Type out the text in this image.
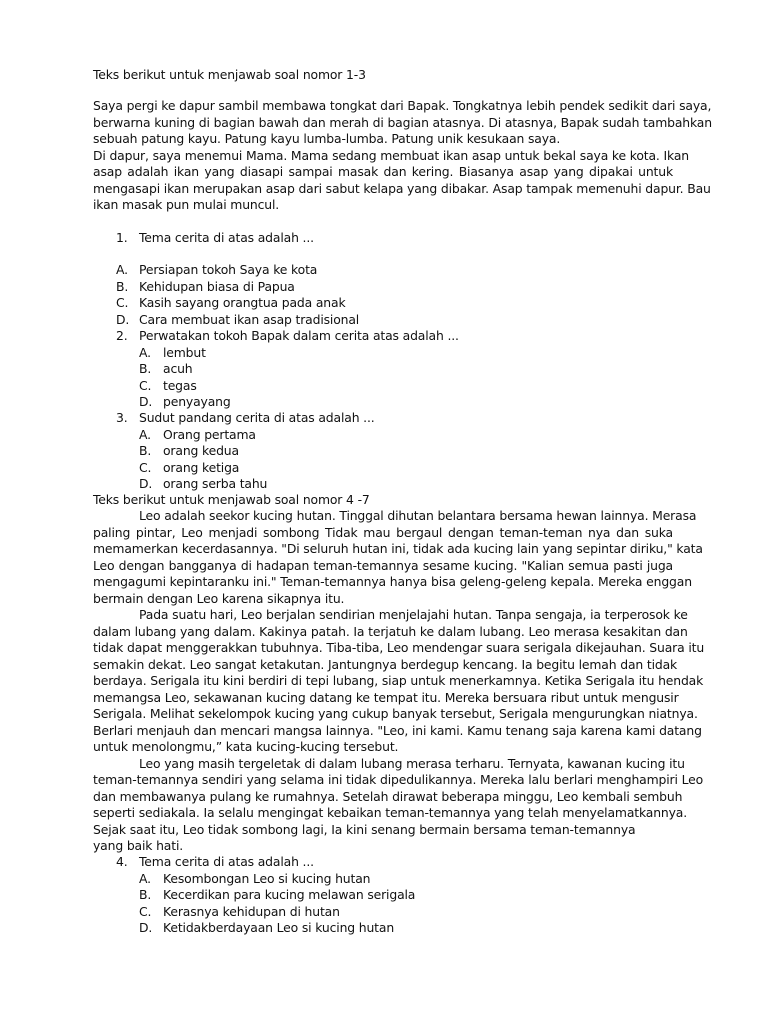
Teks berikut untuk menjawab soal nomor 1-3
Saya pergi ke dapur sambil membawa tongkat dari Bapak. Tongkatnya lebih pendek sedikit dari saya,
berwarna kuning di bagian bawah dan merah di bagian atasnya. Di atasnya, Bapak sudah tambahkan
sebuah patung kayu. Patung kayu lumba-lumba. Patung unik kesukaan saya.
Di dapur, saya menemui Mama. Mama sedang membuat ikan asap untuk bekal saya ke kota. Ikan
asap adalah ikan yang diasapi sampai masak dan kering. Biasanya asap yang dipakai untuk
mengasapi ikan merupakan asap dari sabut kelapa yang dibakar. Asap tampak memenuhi dapur. Bau
ikan masak pun mulai muncul.
1. Tema cerita di atas adalah ...
A. Persiapan tokoh Saya ke kota
B. Kehidupan biasa di Papua
C. Kasih sayang orangtua pada anak
D. Cara membuat ikan asap tradisional
2. Perwatakan tokoh Bapak dalam cerita atas adalah ...
A. lembut
B. acuh
C. tegas
D. penyayang
3. Sudut pandang cerita di atas adalah ...
A. Orang pertama
B. orang kedua
C. orang ketiga
D. orang serba tahu
Teks berikut untuk menjawab soal nomor 4 -7
Leo adalah seekor kucing hutan. Tinggal dihutan belantara bersama hewan lainnya. Merasa
paling pintar, Leo menjadi sombong Tidak mau bergaul dengan teman-teman nya dan suka
memamerkan kecerdasannya. "Di seluruh hutan ini, tidak ada kucing lain yang sepintar diriku," kata
Leo dengan bangganya di hadapan teman-temannya sesame kucing. "Kalian semua pasti juga
mengagumi kepintaranku ini." Teman-temannya hanya bisa geleng-geleng kepala. Mereka enggan
bermain dengan Leo karena sikapnya itu.
Pada suatu hari, Leo berjalan sendirian menjelajahi hutan. Tanpa sengaja, ia terperosok ke
dalam lubang yang dalam. Kakinya patah. Ia terjatuh ke dalam lubang. Leo merasa kesakitan dan
tidak dapat menggerakkan tubuhnya. Tiba-tiba, Leo mendengar suara serigala dikejauhan. Suara itu
semakin dekat. Leo sangat ketakutan. Jantungnya berdegup kencang. Ia begitu lemah dan tidak
berdaya. Serigala itu kini berdiri di tepi lubang, siap untuk menerkamnya. Ketika Serigala itu hendak
memangsa Leo, sekawanan kucing datang ke tempat itu. Mereka bersuara ribut untuk mengusir
Serigala. Melihat sekelompok kucing yang cukup banyak tersebut, Serigala mengurungkan niatnya.
Berlari menjauh dan mencari mangsa lainnya. "Leo, ini kami. Kamu tenang saja karena kami datang
untuk menolongmu,” kata kucing-kucing tersebut.
Leo yang masih tergeletak di dalam lubang merasa terharu. Ternyata, kawanan kucing itu
teman-temannya sendiri yang selama ini tidak dipedulikannya. Mereka lalu berlari menghampiri Leo
dan membawanya pulang ke rumahnya. Setelah dirawat beberapa minggu, Leo kembali sembuh
seperti sediakala. Ia selalu mengingat kebaikan teman-temannya yang telah menyelamatkannya.
Sejak saat itu, Leo tidak sombong lagi, Ia kini senang bermain bersama teman-temannya
yang baik hati.
4. Tema cerita di atas adalah ...
A. Kesombongan Leo si kucing hutan
B. Kecerdikan para kucing melawan serigala
C. Kerasnya kehidupan di hutan
D. Ketidakberdayaan Leo si kucing hutan
